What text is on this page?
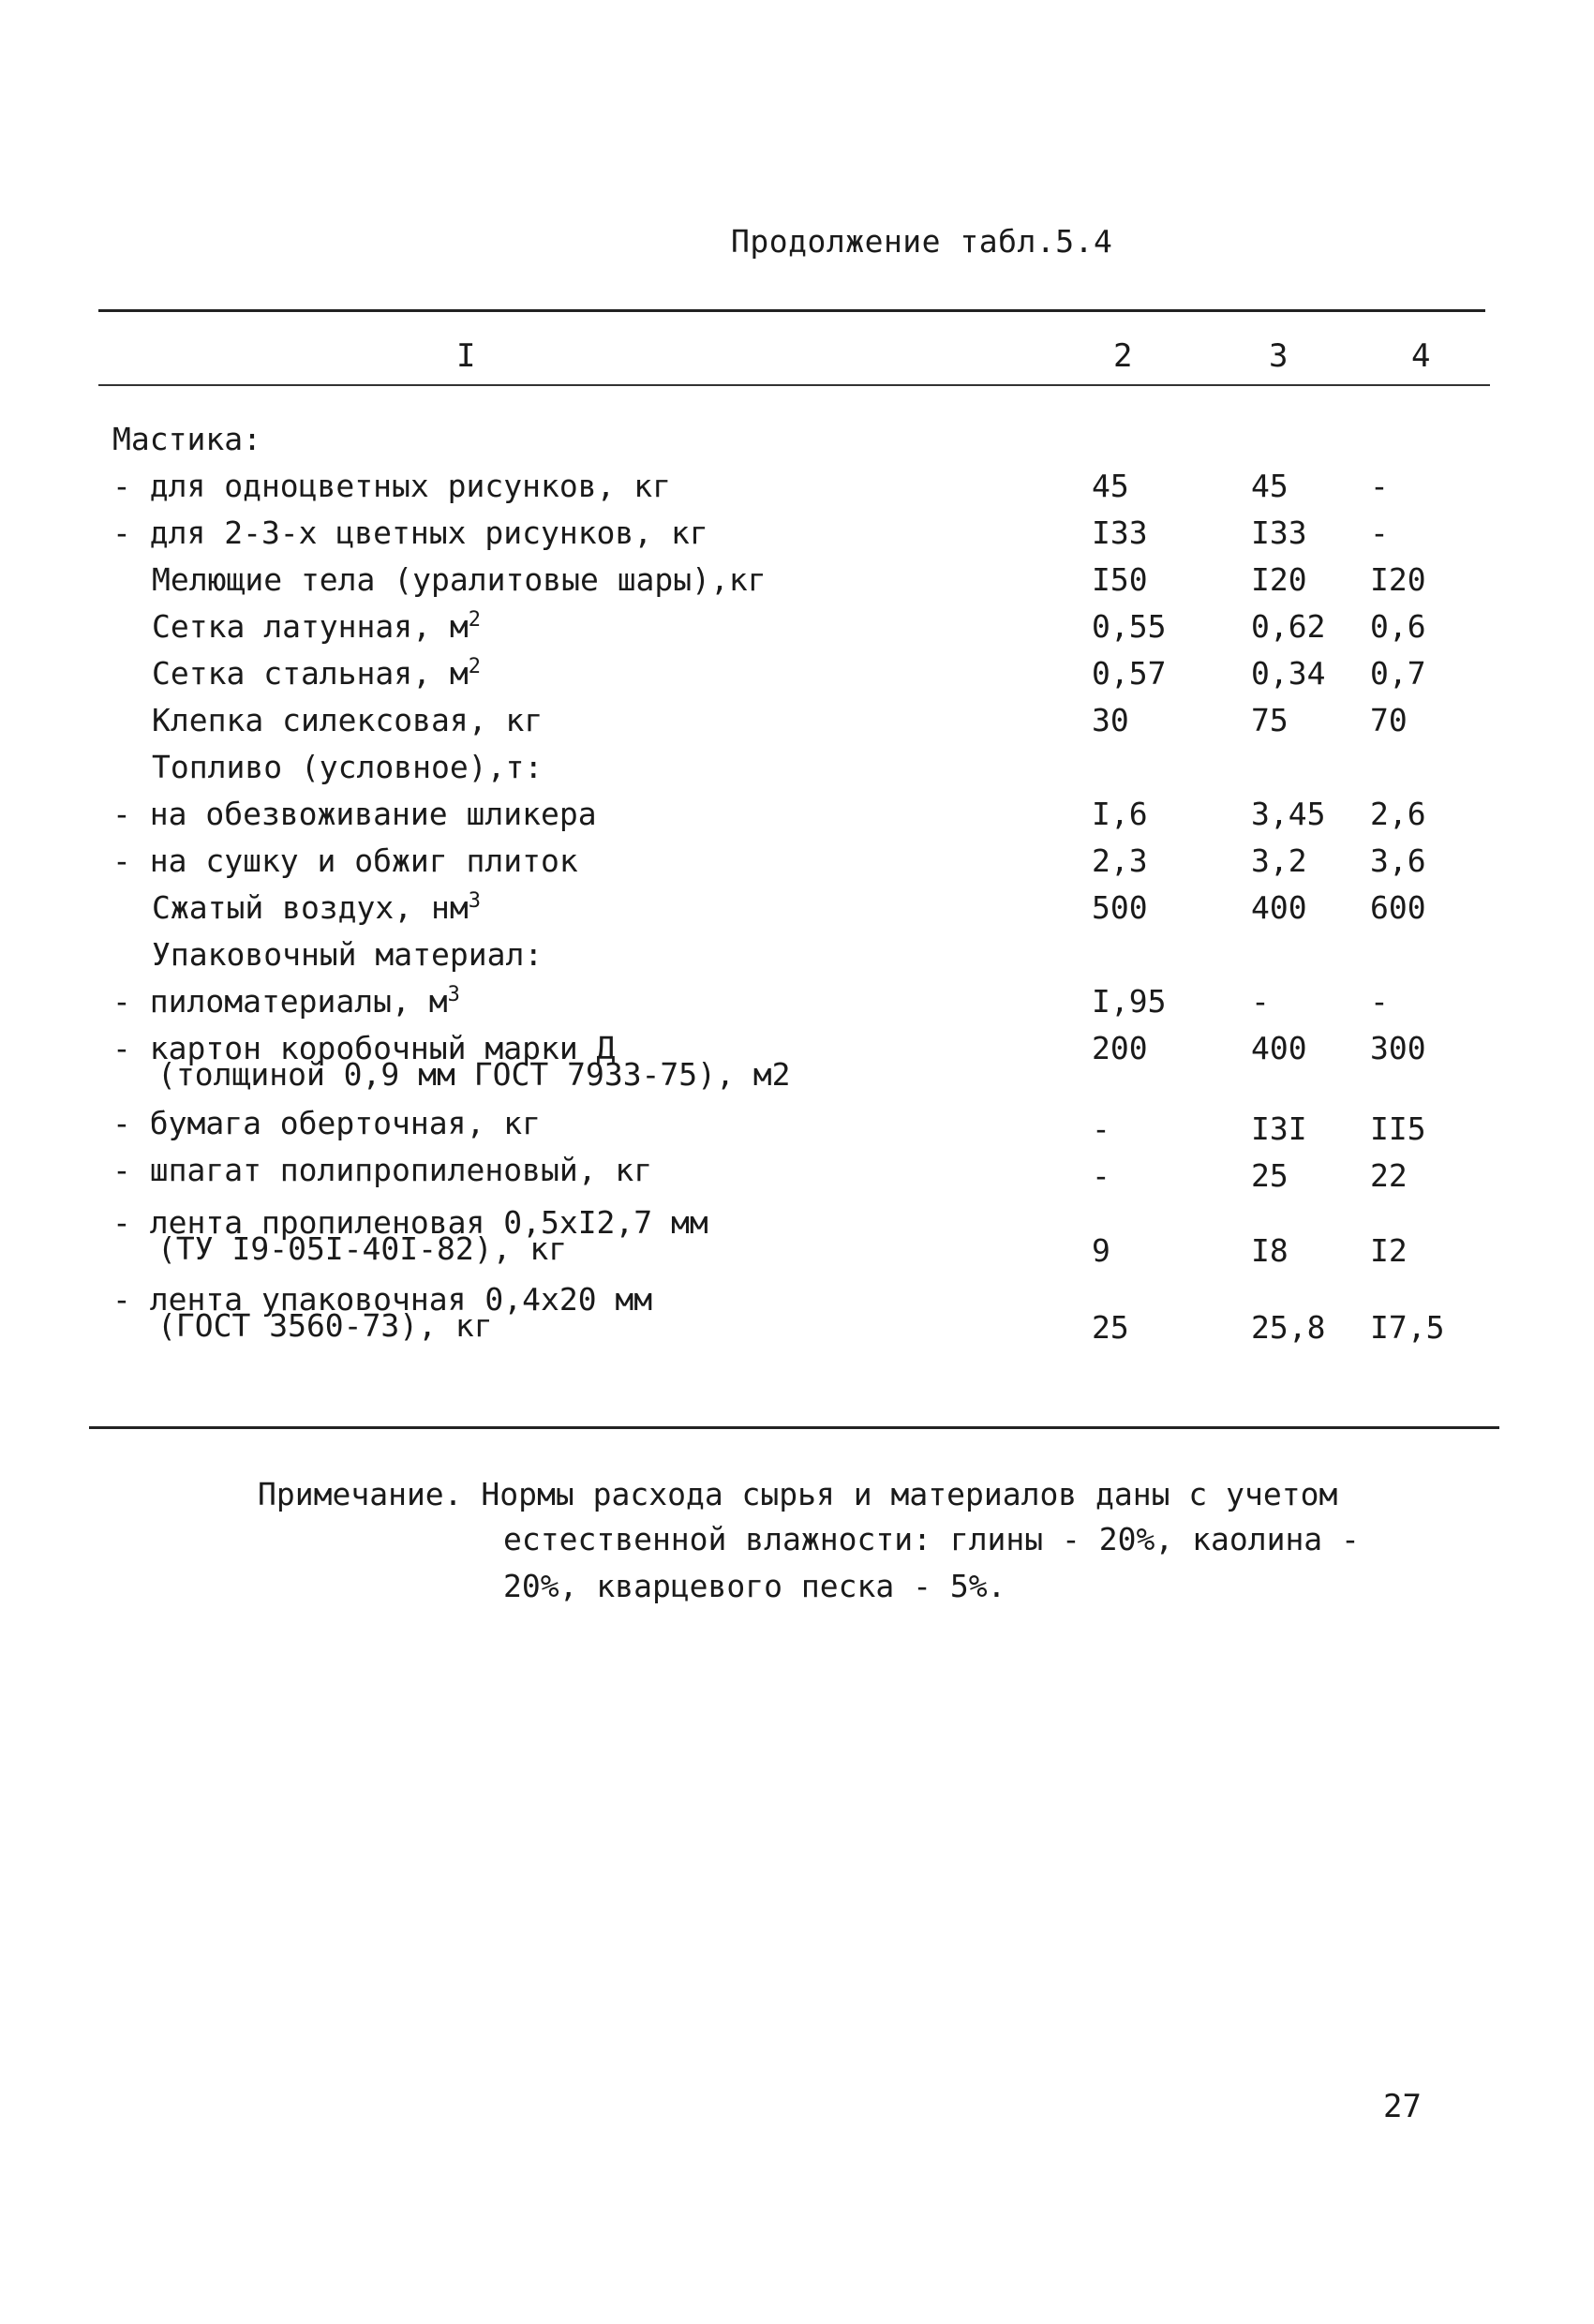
Продолжение табл.5.4
I	2	3	4
Мастика:
- для одноцветных рисунков, кг	45	45	-
- для 2-3-х цветных рисунков, кг	I33	I33 -
Мелющие тела (уралитовые шары),кг	I50	I20 I20
Сетка латунная, $м^2$	0,55	0,62 0,6
Сетка стальная, $м^2$	0,57	0,34 0,7
Клепка силексовая, кг	30	75	70
Топливо (условное),т:
- на обезвоживание шликера	I,6	3,45 2,6
- на сушку и обжиг плиток	2,3	3,2 3,6
Сжатый воздух, $нм^3$	500	400 600
Упаковочный материал:
- пиломатериалы, $м^3$	I,95	-	-
- картон коробочный марки Д
(толщиной 0,9 мм ГОСТ 7933-75), м2
200	400 300
- бумага оберточная, кг	-	I3I II5
- шпагат полипропиленовый, кг	-	25	22
- лента пропиленовая 0,5хI2,7 мм
(ТУ I9-05I-40I-82), кг	9	I8	I2
- лента упаковочная 0,4х20 мм
(ГОСТ 3560-73), кг	25	25,8 I7,5
Примечание. Нормы расхода сырья и материалов даны с учетом
естественной влажности: глины - 20%, каолина -
20%, кварцевого песка - 5%.
27
